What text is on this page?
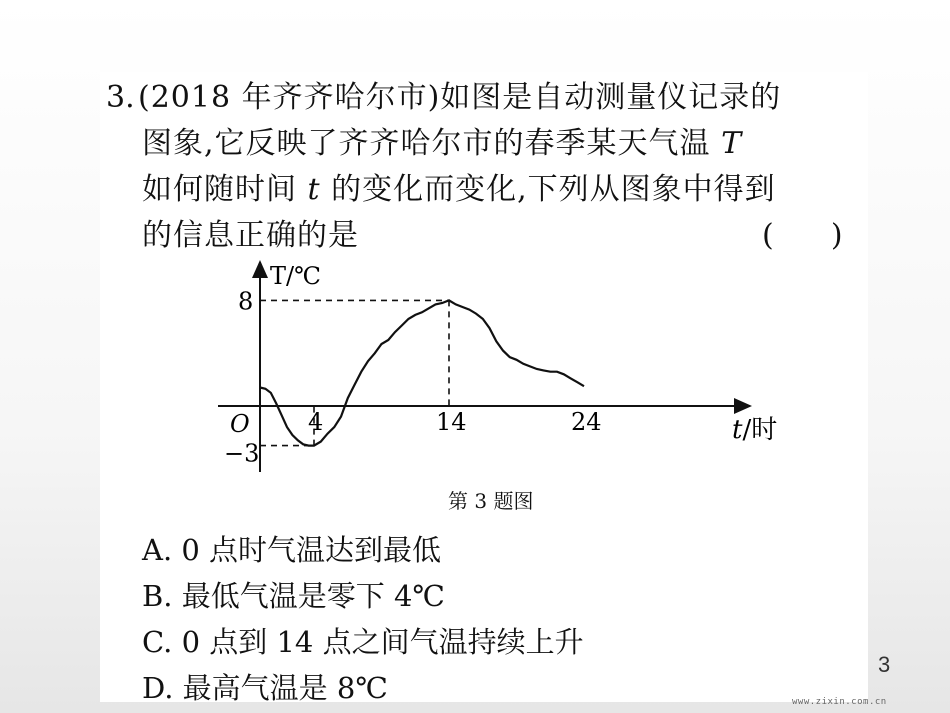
3. (2018 年齐齐哈尔市)如图是自动测量仪记录的
图象,它反映了齐齐哈尔市的春季某天气温 T
如何随时间 t 的变化而变化,下列从图象中得到
的信息正确的是	(      )
T/℃
O	t/时
4	14	24
8
−3
第 3 题图
A. 0 点时气温达到最低
B. 最低气温是零下 4℃
C. 0 点到 14 点之间气温持续上升
D. 最高气温是 8℃
3
www.zixin.com.cn
